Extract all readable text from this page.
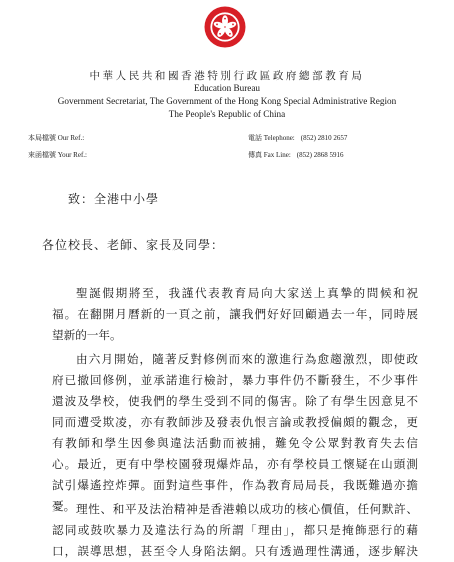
中華人民共和國香港特別行政區政府總部教育局
Education Bureau
Government Secretariat, The Government of the Hong Kong Special Administrative Region
The People's Republic of China
本局檔號 Our Ref.:
來函檔號 Your Ref.:
電話 Telephone: (852) 2810 2657
傳真 Fax Line: (852) 2868 5916
致：全港中小學
各位校長、老師、家長及同學：
聖誕假期將至，我謹代表教育局向大家送上真摯的問候和祝
福。在翻開月曆新的一頁之前，讓我們好好回顧過去一年，同時展
望新的一年。
由六月開始，隨著反對修例而來的激進行為愈趨激烈，即使政
府已撤回修例，並承諾進行檢討，暴力事件仍不斷發生，不少事件
還波及學校，使我們的學生受到不同的傷害。除了有學生因意見不
同而遭受欺凌，亦有教師涉及發表仇恨言論或教授偏頗的觀念，更
有教師和學生因參與違法活動而被捕，難免令公眾對教育失去信
心。最近，更有中學校園發現爆炸品，亦有學校員工懷疑在山頭測
試引爆遙控炸彈。面對這些事件，作為教育局局長，我既難過亦擔
憂。 理性、和平及法治精神是香港賴以成功的核心價值，任何默許、
認同或鼓吹暴力及違法行為的所謂「理由」，都只是掩飾惡行的藉
口，誤導思想，甚至令人身陷法網。只有透過理性溝通，逐步解決
